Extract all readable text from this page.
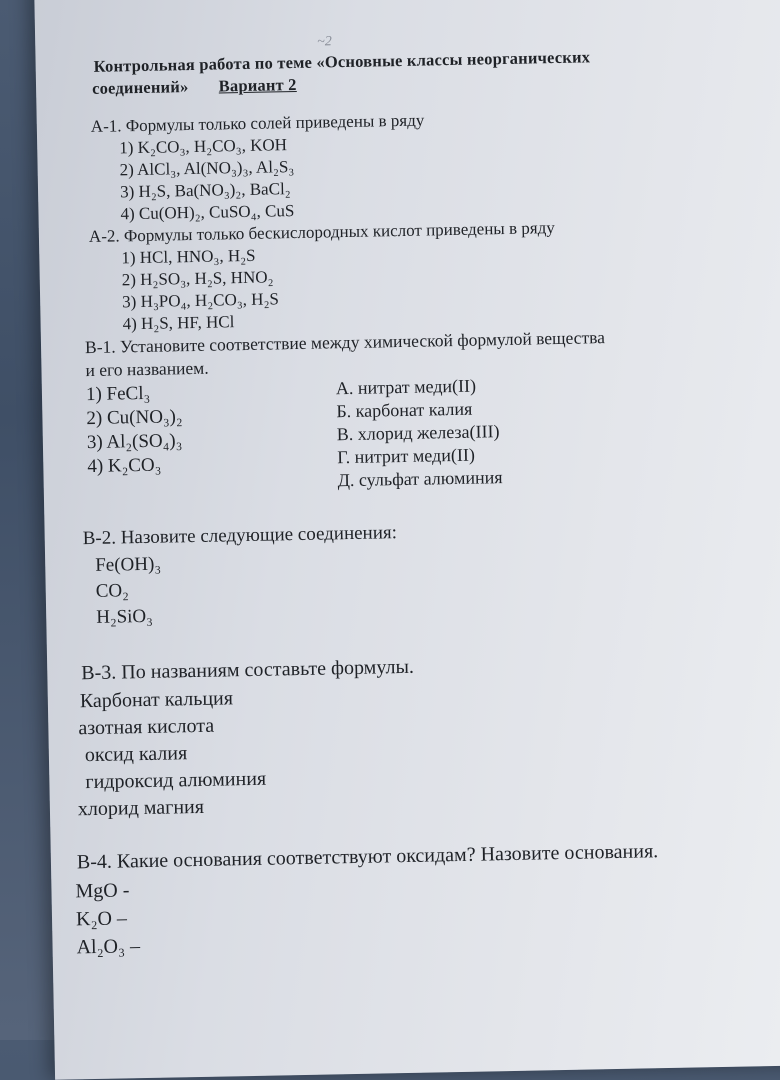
~2
Контрольная работа по теме «Основные классы неорганических
соединений» Вариант 2
А-1. Формулы только солей приведены в ряду
1) K₂CO₃, H₂CO₃, KOH
2) AlCl₃, Al(NO₃)₃, Al₂S₃
3) H₂S, Ba(NO₃)₂, BaCl₂
4) Cu(OH)₂, CuSO₄, CuS
А-2. Формулы только бескислородных кислот приведены в ряду
1) HCl, HNO₃, H₂S
2) H₂SO₃, H₂S, HNO₂
3) H₃PO₄, H₂CO₃, H₂S
4) H₂S, HF, HCl
В-1. Установите соответствие между химической формулой вещества
и его названием.
1) FeCl₃
2) Cu(NO₃)₂
3) Al₂(SO₄)₃
4) K₂CO₃
А. нитрат меди(II)
Б. карбонат калия
В. хлорид железа(III)
Г. нитрит меди(II)
Д. сульфат алюминия
В-2. Назовите следующие соединения:
Fe(OH)₃
CO₂
H₂SiO₃
В-3. По названиям составьте формулы.
Карбонат кальция
азотная кислота
оксид калия
гидроксид алюминия
хлорид магния
В-4. Какие основания соответствуют оксидам? Назовите основания.
MgO -
K₂O –
Al₂O₃ –
